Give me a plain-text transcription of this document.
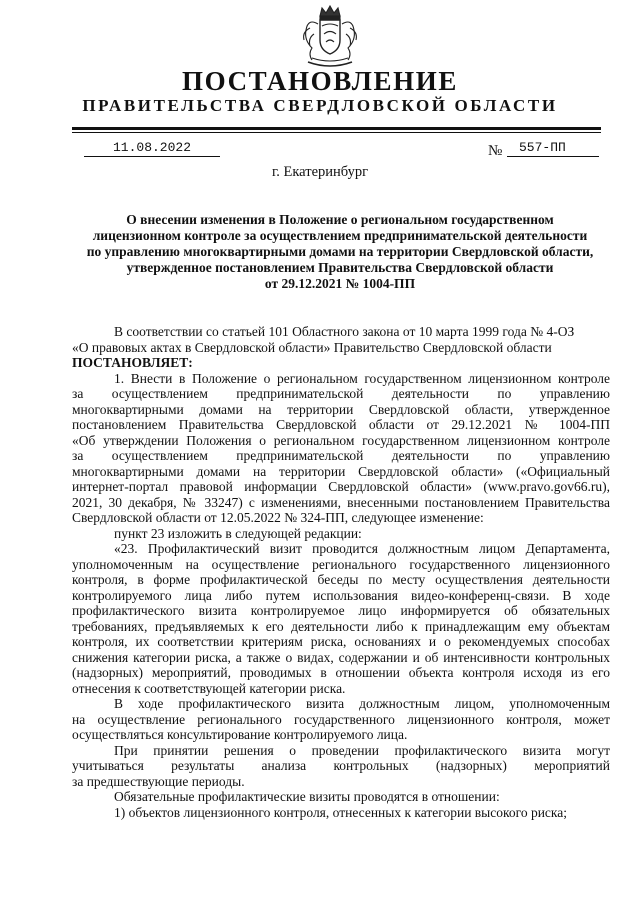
ПОСТАНОВЛЕНИЕ
ПРАВИТЕЛЬСТВА СВЕРДЛОВСКОЙ ОБЛАСТИ
11.08.2022	№	557-ПП
г. Екатеринбург
О внесении изменения в Положение о региональном государственном
лицензионном контроле за осуществлением предпринимательской деятельности
по управлению многоквартирными домами на территории Свердловской области,
утвержденное постановлением Правительства Свердловской области
от 29.12.2021 № 1004-ПП
В соответствии со статьей 101 Областного закона от 10 марта 1999 года № 4-ОЗ
«О правовых актах в Свердловской области» Правительство Свердловской области
ПОСТАНОВЛЯЕТ:
1. Внести в Положение о региональном государственном лицензионном контроле
за осуществлением предпринимательской деятельности по управлению
многоквартирными домами на территории Свердловской области, утвержденное
постановлением Правительства Свердловской области от 29.12.2021 № 1004-ПП
«Об утверждении Положения о региональном государственном лицензионном контроле
за осуществлением предпринимательской деятельности по управлению
многоквартирными домами на территории Свердловской области» («Официальный
интернет-портал правовой информации Свердловской области» (www.pravo.gov66.ru),
2021, 30 декабря, № 33247) с изменениями, внесенными постановлением Правительства
Свердловской области от 12.05.2022 № 324-ПП, следующее изменение:
пункт 23 изложить в следующей редакции:
«23. Профилактический визит проводится должностным лицом Департамента,
уполномоченным на осуществление регионального государственного лицензионного
контроля, в форме профилактической беседы по месту осуществления деятельности
контролируемого лица либо путем использования видео-конференц-связи. В ходе
профилактического визита контролируемое лицо информируется об обязательных
требованиях, предъявляемых к его деятельности либо к принадлежащим ему объектам
контроля, их соответствии критериям риска, основаниях и о рекомендуемых способах
снижения категории риска, а также о видах, содержании и об интенсивности контрольных
(надзорных) мероприятий, проводимых в отношении объекта контроля исходя из его
отнесения к соответствующей категории риска.
В ходе профилактического визита должностным лицом, уполномоченным
на осуществление регионального государственного лицензионного контроля, может
осуществляться консультирование контролируемого лица.
При принятии решения о проведении профилактического визита могут
учитываться результаты анализа контрольных (надзорных) мероприятий
за предшествующие периоды.
Обязательные профилактические визиты проводятся в отношении:
1) объектов лицензионного контроля, отнесенных к категории высокого риска;
